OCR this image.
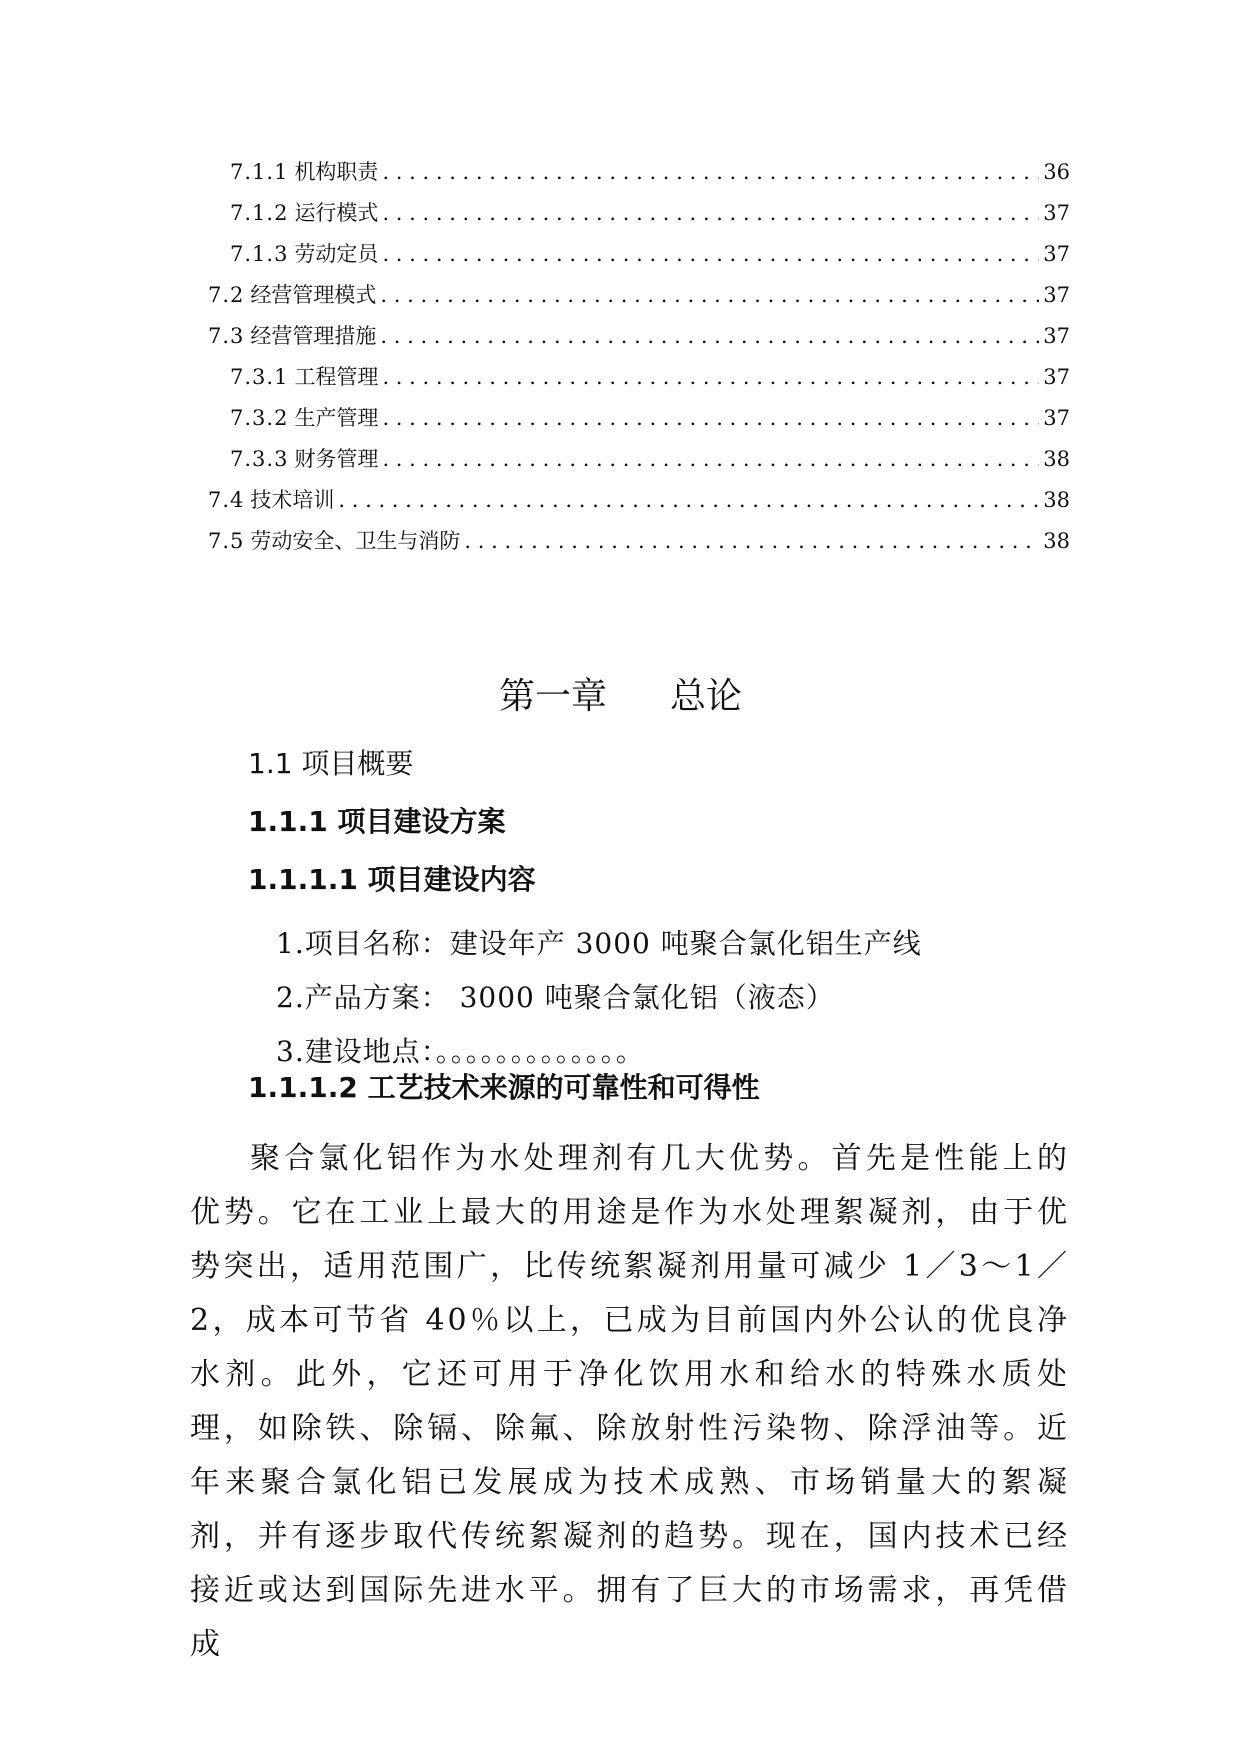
7.1.1 机构职责 . . .	36
7.1.2 运行模式 . . .	37
7.1.3 劳动定员 . . .	37
7.2 经营管理模式 . . .	37
7.3 经营管理措施 . . .	37
7.3.1 工程管理 . . .	37
7.3.2 生产管理 . . .	37
7.3.3 财务管理 . . .	38
7.4 技术培训 . . .	38
7.5 劳动安全、卫生与消防 . . .	38
第一章 总论
1.1 项目概要
1.1.1 项目建设方案
1.1.1.1 项目建设内容
1.项目名称：建设年产 3000 吨聚合氯化铝生产线
2.产品方案： 3000 吨聚合氯化铝（液态）
3.建设地点：。。。。。。。。。。。。。
1.1.1.2 工艺技术来源的可靠性和可得性
聚合氯化铝作为水处理剂有几大优势。首先是性能上的优势。它在工业上最大的用途是作为水处理絮凝剂，由于优势突出，适用范围广，比传统絮凝剂用量可减少 1／3～1／2，成本可节省 40％以上，已成为目前国内外公认的优良净水剂。此外，它还可用于净化饮用水和给水的特殊水质处理，如除铁、除镉、除氟、除放射性污染物、除浮油等。近年来聚合氯化铝已发展成为技术成熟、市场销量大的絮凝剂，并有逐步取代传统絮凝剂的趋势。现在，国内技术已经接近或达到国际先进水平。拥有了巨大的市场需求，再凭借成
